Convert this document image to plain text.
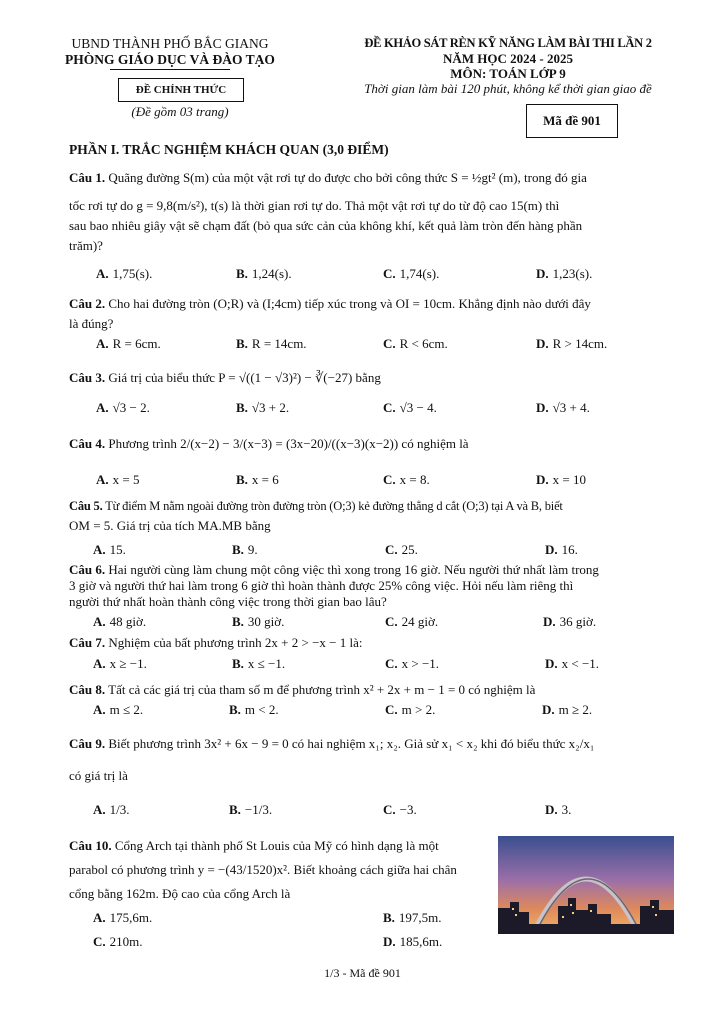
UBND THÀNH PHỐ BẮC GIANG
PHÒNG GIÁO DỤC VÀ ĐÀO TẠO
ĐỀ CHÍNH THỨC
(Đề gồm 03 trang)
ĐỀ KHẢO SÁT RÈN KỸ NĂNG LÀM BÀI THI LẦN 2
NĂM HỌC 2024 - 2025
MÔN: TOÁN LỚP 9
Thời gian làm bài 120 phút, không kể thời gian giao đề
Mã đề 901
PHẦN I. TRẮC NGHIỆM KHÁCH QUAN (3,0 ĐIỂM)
Câu 1. Quãng đường S(m) của một vật rơi tự do được cho bởi công thức S = ½gt² (m), trong đó gia
tốc rơi tự do g = 9,8(m/s²), t(s) là thời gian rơi tự do. Thả một vật rơi tự do từ độ cao 15(m) thì
sau bao nhiêu giây vật sẽ chạm đất (bỏ qua sức cản của không khí, kết quả làm tròn đến hàng phần
trăm)?
A. 1,75(s).	B. 1,24(s).	C. 1,74(s).	D. 1,23(s).
Câu 2. Cho hai đường tròn (O;R) và (I;4cm) tiếp xúc trong và OI = 10cm. Khẳng định nào dưới đây
là đúng?
A. R = 6cm.	B. R = 14cm.	C. R < 6cm.	D. R > 14cm.
Câu 3. Giá trị của biểu thức P = √((1 − √3)²) − ∛(−27) bằng
A. √3 − 2.	B. √3 + 2.	C. √3 − 4.	D. √3 + 4.
Câu 4. Phương trình 2/(x−2) − 3/(x−3) = (3x−20)/((x−3)(x−2)) có nghiệm là
A. x = 5	B. x = 6	C. x = 8.	D. x = 10
Câu 5. Từ điểm M nằm ngoài đường tròn đường tròn (O;3) kẻ đường thẳng d cắt (O;3) tại A và B, biết
OM = 5. Giá trị của tích MA.MB bằng
A. 15.	B. 9.	C. 25.	D. 16.
Câu 6. Hai người cùng làm chung một công việc thì xong trong 16 giờ. Nếu người thứ nhất làm trong
3 giờ và người thứ hai làm trong 6 giờ thì hoàn thành được 25% công việc. Hỏi nếu làm riêng thì
người thứ nhất hoàn thành công việc trong thời gian bao lâu?
A. 48 giờ.	B. 30 giờ.	C. 24 giờ.	D. 36 giờ.
Câu 7. Nghiệm của bất phương trình 2x + 2 > −x − 1 là:
A. x ≥ −1.	B. x ≤ −1.	C. x > −1.	D. x < −1.
Câu 8. Tất cả các giá trị của tham số m để phương trình x² + 2x + m − 1 = 0 có nghiệm là
A. m ≤ 2.	B. m < 2.	C. m > 2.	D. m ≥ 2.
Câu 9. Biết phương trình 3x² + 6x − 9 = 0 có hai nghiệm x₁; x₂. Giả sử x₁ < x₂ khi đó biểu thức x₂/x₁
có giá trị là
A. 1/3.	B. −1/3.	C. −3.	D. 3.
Câu 10. Cổng Arch tại thành phố St Louis của Mỹ có hình dạng là một
parabol có phương trình y = −(43/1520)x². Biết khoảng cách giữa hai chân
cổng bằng 162m. Độ cao của cổng Arch là
A. 175,6m.	B. 197,5m.
C. 210m.	D. 185,6m.
1/3 - Mã đề 901
